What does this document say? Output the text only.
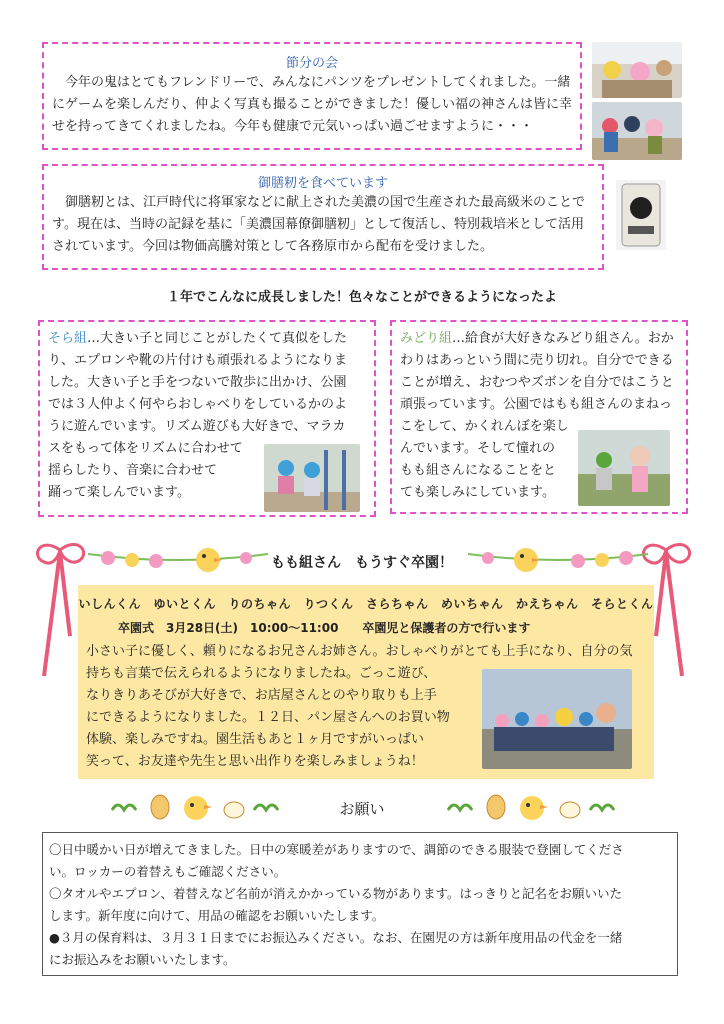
節分の会
今年の鬼はとてもフレンドリーで、みんなにパンツをプレゼントしてくれました。一緒にゲームを楽しんだり、仲よく写真も撮ることができました！優しい福の神さんは皆に幸せを持ってきてくれましたね。今年も健康で元気いっぱい過ごせますように・・・
御膳籾を食べています
御膳籾とは、江戸時代に将軍家などに献上された美濃の国で生産された最高級米のことです。現在は、当時の記録を基に「美濃国幕僚御膳籾」として復活し、特別栽培米として活用されています。今回は物価高騰対策として各務原市から配布を受けました。
１年でこんなに成長しました！色々なことができるようになったよ
そら組…大きい子と同じことがしたくて真似をした
り、エプロンや靴の片付けも頑張れるようになりま
した。大きい子と手をつないで散歩に出かけ、公園
では３人仲よく何やらおしゃべりをしているかのよ
うに遊んでいます。リズム遊びも大好きで、マラカ
スをもって体をリズムに合わせて
揺らしたり、音楽に合わせて
踊って楽しんでいます。
みどり組…給食が大好きなみどり組さん。おか
わりはあっという間に売り切れ。自分でできる
ことが増え、おむつやズボンを自分ではこうと
頑張っています。公園ではもも組さんのまねっ
こをして、かくれんぼを楽し
んでいます。そして憧れの
もも組さんになることをと
ても楽しみにしています。
もも組さん　もうすぐ卒園！
いしんくん　ゆいとくん　りのちゃん　りつくん　さらちゃん　めいちゃん　かえちゃん　そらとくん
卒園式　3月28日(土)　10:00～11:00　　卒園児と保護者の方で行います
小さい子に優しく、頼りになるお兄さんお姉さん。おしゃべりがとても上手になり、自分の気
持ちも言葉で伝えられるようになりましたね。ごっこ遊び、
なりきりあそびが大好きで、お店屋さんとのやり取りも上手
にできるようになりました。１２日、パン屋さんへのお買い物
体験、楽しみですね。園生活もあと１ヶ月ですがいっぱい
笑って、お友達や先生と思い出作りを楽しみましょうね！
お願い
〇日中暖かい日が増えてきました。日中の寒暖差がありますので、調節のできる服装で登園してくださ
い。ロッカーの着替えもご確認ください。
〇タオルやエプロン、着替えなど名前が消えかかっている物があります。はっきりと記名をお願いいた
します。新年度に向けて、用品の確認をお願いいたします。
●３月の保育料は、３月３１日までにお振込みください。なお、在園児の方は新年度用品の代金を一緒
にお振込みをお願いいたします。
